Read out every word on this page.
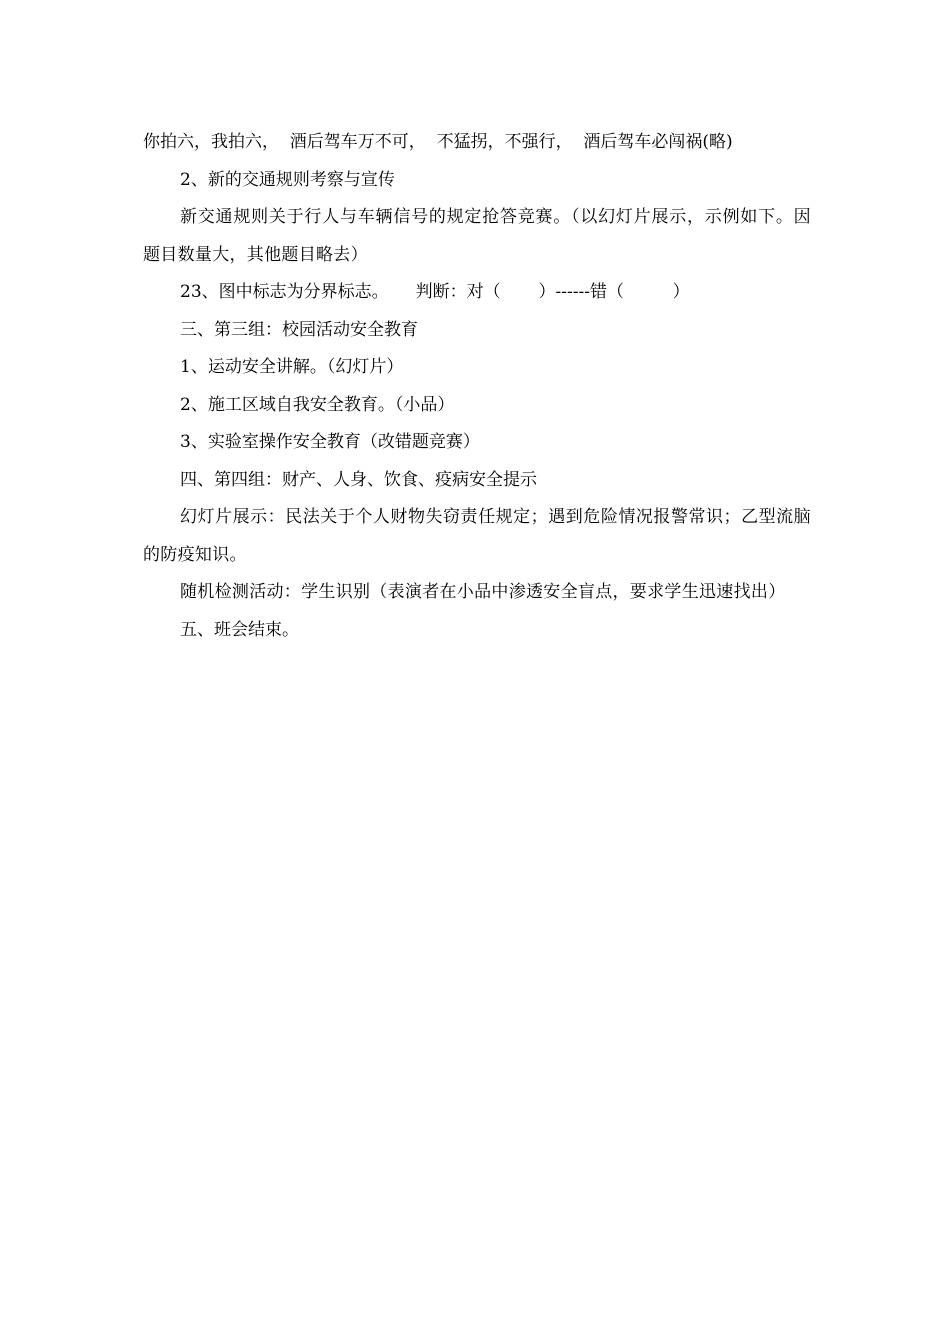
你拍六，我拍六，  酒后驾车万不可，  不猛拐，不强行，  酒后驾车必闯祸(略)
2、新的交通规则考察与宣传
新交通规则关于行人与车辆信号的规定抢答竞赛。（以幻灯片展示，示例如下。因题目数量大，其他题目略去）
23、图中标志为分界标志。     判断：对（       ）------错（         ）
三、第三组：校园活动安全教育
1、运动安全讲解。（幻灯片）
2、施工区域自我安全教育。（小品）
3、实验室操作安全教育（改错题竞赛）
四、第四组：财产、人身、饮食、疫病安全提示
幻灯片展示：民法关于个人财物失窃责任规定；遇到危险情况报警常识；乙型流脑的防疫知识。
随机检测活动：学生识别（表演者在小品中渗透安全盲点，要求学生迅速找出）
五、班会结束。
